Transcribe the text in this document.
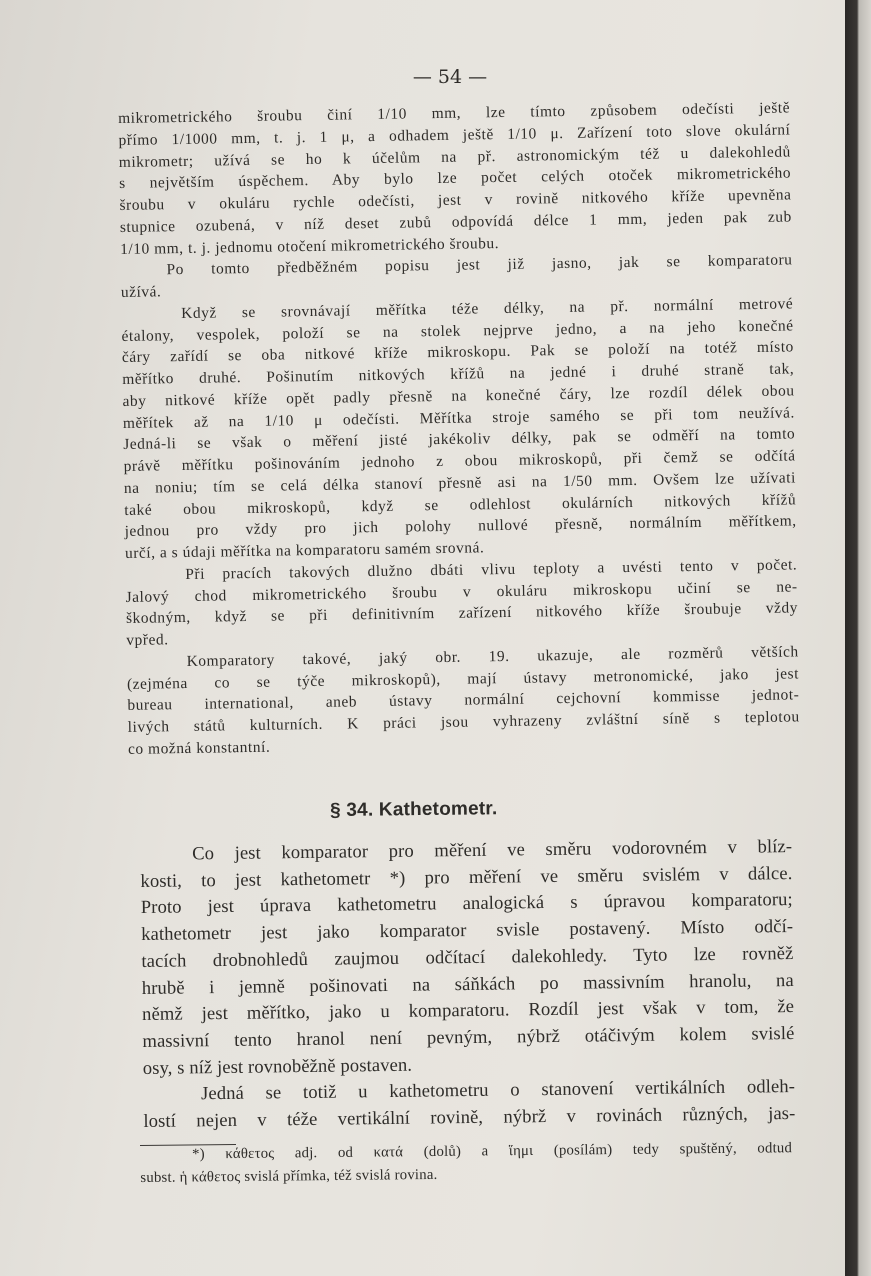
— 54 —
mikrometrického šroubu činí 1/10 mm, lze tímto způsobem odečísti ještě
přímo 1/1000 mm, t. j. 1 μ, a odhadem ještě 1/10 μ. Zařízení toto slove okulární
mikrometr; užívá se ho k účelům na př. astronomickým též u dalekohledů
s největším úspěchem. Aby bylo lze počet celých otoček mikrometrického
šroubu v okuláru rychle odečísti, jest v rovině nitkového kříže upevněna
stupnice ozubená, v níž deset zubů odpovídá délce 1 mm, jeden pak zub
1/10 mm, t. j. jednomu otočení mikrometrického šroubu.
Po tomto předběžném popisu jest již jasno, jak se komparatoru
užívá.
Když se srovnávají měřítka téže délky, na př. normální metrové
étalony, vespolek, položí se na stolek nejprve jedno, a na jeho konečné
čáry zařídí se oba nitkové kříže mikroskopu. Pak se položí na totéž místo
měřítko druhé. Pošinutím nitkových křížů na jedné i druhé straně tak,
aby nitkové kříže opět padly přesně na konečné čáry, lze rozdíl délek obou
měřítek až na 1/10 μ odečísti. Měřítka stroje samého se při tom neužívá.
Jedná-li se však o měření jisté jakékoliv délky, pak se odměří na tomto
právě měřítku pošinováním jednoho z obou mikroskopů, při čemž se odčítá
na noniu; tím se celá délka stanoví přesně asi na 1/50 mm. Ovšem lze užívati
také obou mikroskopů, když se odlehlost okulárních nitkových křížů
jednou pro vždy pro jich polohy nullové přesně, normálním měřítkem,
určí, a s údaji měřítka na komparatoru samém srovná.
Při pracích takových dlužno dbáti vlivu teploty a uvésti tento v počet.
Jalový chod mikrometrického šroubu v okuláru mikroskopu učiní se ne-
škodným, když se při definitivním zařízení nitkového kříže šroubuje vždy
vpřed.
Komparatory takové, jaký obr. 19. ukazuje, ale rozměrů větších
(zejména co se týče mikroskopů), mají ústavy metronomické, jako jest
bureau international, aneb ústavy normální cejchovní kommisse jednot-
livých států kulturních. K práci jsou vyhrazeny zvláštní síně s teplotou
co možná konstantní.
§ 34. Kathetometr.
Co jest komparator pro měření ve směru vodorovném v blíz-
kosti, to jest kathetometr *) pro měření ve směru svislém v dálce.
Proto jest úprava kathetometru analogická s úpravou komparatoru;
kathetometr jest jako komparator svisle postavený. Místo odčí-
tacích drobnohledů zaujmou odčítací dalekohledy. Tyto lze rovněž
hrubě i jemně pošinovati na sáňkách po massivním hranolu, na
němž jest měřítko, jako u komparatoru. Rozdíl jest však v tom, že
massivní tento hranol není pevným, nýbrž otáčivým kolem svislé
osy, s níž jest rovnoběžně postaven.
Jedná se totiž u kathetometru o stanovení vertikálních odleh-
lostí nejen v téže vertikální rovině, nýbrž v rovinách různých, jas-
*) κάθετος adj. od κατά (dolů) a ἵημι (posílám) tedy spuštěný, odtud
subst. ἡ κάθετος svislá přímka, též svislá rovina.
